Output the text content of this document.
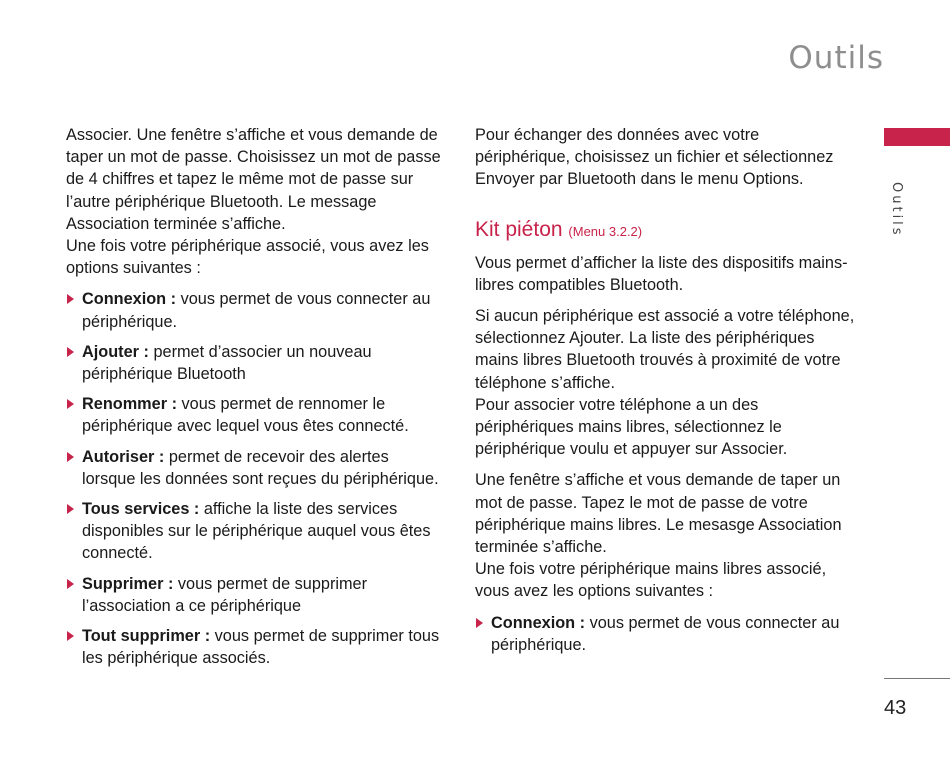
Outils
Outils

Associer. Une fenêtre s’affiche et vous demande de taper un mot de passe. Choisissez un mot de passe de 4 chiffres et tapez le même mot de passe sur l’autre périphérique Bluetooth. Le message Association terminée s’affiche.

Une fois votre périphérique associé, vous avez les options suivantes :

Connexion : vous permet de vous connecter au périphérique.

Ajouter : permet d’associer un nouveau périphérique Bluetooth

Renommer : vous permet de rennomer le périphérique avec lequel vous êtes connecté.

Autoriser : permet de recevoir des alertes lorsque les données sont reçues du périphérique.

Tous services : affiche la liste des services disponibles sur le périphérique auquel vous êtes connecté.

Supprimer : vous permet de supprimer l’association a ce périphérique

Tout supprimer : vous permet de supprimer tous les périphérique associés.

Pour échanger des données avec votre périphérique, choisissez un fichier et sélectionnez Envoyer par Bluetooth dans le menu Options.

Kit piéton (Menu 3.2.2)

Vous permet d’afficher la liste des dispositifs mains-libres compatibles Bluetooth.

Si aucun périphérique est associé a votre téléphone, sélectionnez Ajouter. La liste des périphériques mains libres Bluetooth trouvés à proximité de votre téléphone s’affiche.

Pour associer votre téléphone a un des périphériques mains libres, sélectionnez le périphérique voulu et appuyer sur Associer.

Une fenêtre s’affiche et vous demande de taper un mot de passe. Tapez le mot de passe de votre périphérique mains libres. Le mesasge Association terminée s’affiche.

Une fois votre périphérique mains libres associé, vous avez les options suivantes :

Connexion : vous permet de vous connecter au périphérique.

43
